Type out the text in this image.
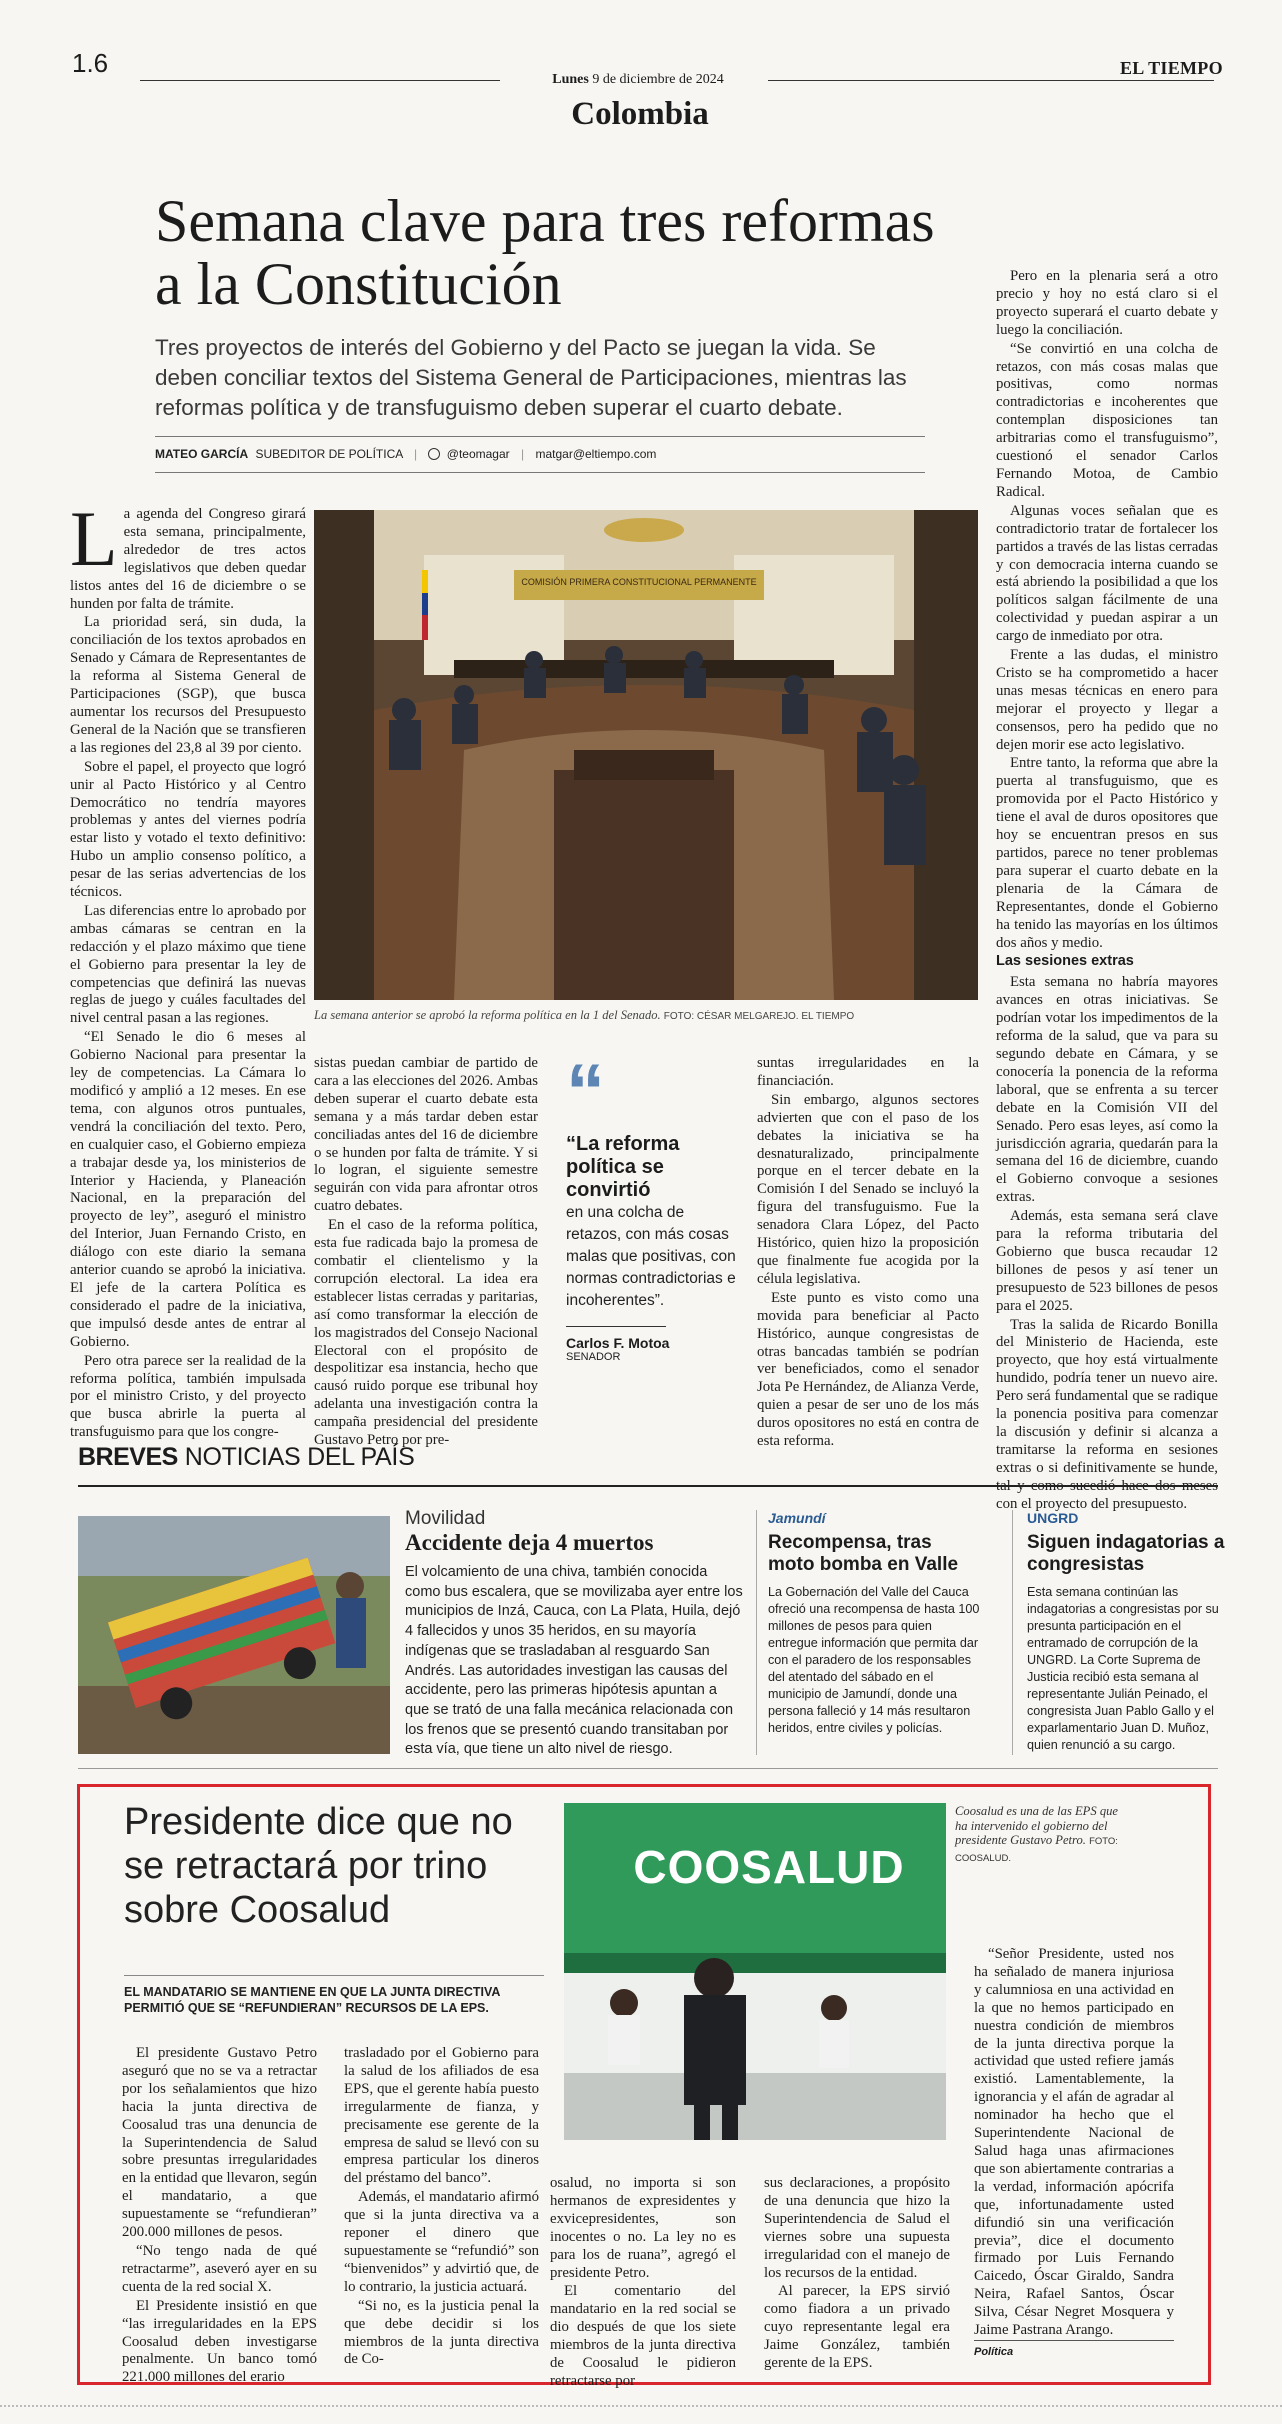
1.6
Lunes 9 de diciembre de 2024
EL TIEMPO
Colombia
Semana clave para tres reformas a la Constitución
Tres proyectos de interés del Gobierno y del Pacto se juegan la vida. Se deben conciliar textos del Sistema General de Participaciones, mientras las reformas política y de transfuguismo deben superar el cuarto debate.
MATEO GARCÍA SUBEDITOR DE POLÍTICA | @teomagar | matgar@eltiempo.com

La agenda del Congreso girará esta semana, principalmente, alrededor de tres actos legislativos que deben quedar listos antes del 16 de diciembre o se hunden por falta de trámite.

La prioridad será, sin duda, la conciliación de los textos aprobados en Senado y Cámara de Representantes de la reforma al Sistema General de Participaciones (SGP), que busca aumentar los recursos del Presupuesto General de la Nación que se transfieren a las regiones del 23,8 al 39 por ciento.

Sobre el papel, el proyecto que logró unir al Pacto Histórico y al Centro Democrático no tendría mayores problemas y antes del viernes podría estar listo y votado el texto definitivo: Hubo un amplio consenso político, a pesar de las serias advertencias de los técnicos.

Las diferencias entre lo aprobado por ambas cámaras se centran en la redacción y el plazo máximo que tiene el Gobierno para presentar la ley de competencias que definirá las nuevas reglas de juego y cuáles facultades del nivel central pasan a las regiones.

“El Senado le dio 6 meses al Gobierno Nacional para presentar la ley de competencias. La Cámara lo modificó y amplió a 12 meses. En ese tema, con algunos otros puntuales, vendrá la conciliación del texto. Pero, en cualquier caso, el Gobierno empieza a trabajar desde ya, los ministerios de Interior y Hacienda, y Planeación Nacional, en la preparación del proyecto de ley”, aseguró el ministro del Interior, Juan Fernando Cristo, en diálogo con este diario la semana anterior cuando se aprobó la iniciativa. El jefe de la cartera Política es considerado el padre de la iniciativa, que impulsó desde antes de entrar al Gobierno.

Pero otra parece ser la realidad de la reforma política, también impulsada por el ministro Cristo, y del proyecto que busca abrirle la puerta al transfuguismo para que los congre-

COMISIÓN PRIMERA CONSTITUCIONAL PERMANENTE
La semana anterior se aprobó la reforma política en la 1 del Senado. FOTO: CÉSAR MELGAREJO. EL TIEMPO

sistas puedan cambiar de partido de cara a las elecciones del 2026. Ambas deben superar el cuarto debate esta semana y a más tardar deben estar conciliadas antes del 16 de diciembre o se hunden por falta de trámite. Y si lo logran, el siguiente semestre seguirán con vida para afrontar otros cuatro debates.

En el caso de la reforma política, esta fue radicada bajo la promesa de combatir el clientelismo y la corrupción electoral. La idea era establecer listas cerradas y paritarias, así como transformar la elección de los magistrados del Consejo Nacional Electoral con el propósito de despolitizar esa instancia, hecho que causó ruido porque ese tribunal hoy adelanta una investigación contra la campaña presidencial del presidente Gustavo Petro por pre-

“
“La reforma política se convirtió
en una colcha de retazos, con más cosas malas que positivas, con normas contradictorias e incoherentes”.
Carlos F. Motoa
SENADOR

suntas irregularidades en la financiación.

Sin embargo, algunos sectores advierten que con el paso de los debates la iniciativa se ha desnaturalizado, principalmente porque en el tercer debate en la Comisión I del Senado se incluyó la figura del transfuguismo. Fue la senadora Clara López, del Pacto Histórico, quien hizo la proposición que finalmente fue acogida por la célula legislativa.

Este punto es visto como una movida para beneficiar al Pacto Histórico, aunque congresistas de otras bancadas también se podrían ver beneficiados, como el senador Jota Pe Hernández, de Alianza Verde, quien a pesar de ser uno de los más duros opositores no está en contra de esta reforma.

Pero en la plenaria será a otro precio y hoy no está claro si el proyecto superará el cuarto debate y luego la conciliación.

“Se convirtió en una colcha de retazos, con más cosas malas que positivas, como normas contradictorias e incoherentes que contemplan disposiciones tan arbitrarias como el transfuguismo”, cuestionó el senador Carlos Fernando Motoa, de Cambio Radical.

Algunas voces señalan que es contradictorio tratar de fortalecer los partidos a través de las listas cerradas y con democracia interna cuando se está abriendo la posibilidad a que los políticos salgan fácilmente de una colectividad y puedan aspirar a un cargo de inmediato por otra.

Frente a las dudas, el ministro Cristo se ha comprometido a hacer unas mesas técnicas en enero para mejorar el proyecto y llegar a consensos, pero ha pedido que no dejen morir ese acto legislativo.

Entre tanto, la reforma que abre la puerta al transfuguismo, que es promovida por el Pacto Histórico y tiene el aval de duros opositores que hoy se encuentran presos en sus partidos, parece no tener problemas para superar el cuarto debate en la plenaria de la Cámara de Representantes, donde el Gobierno ha tenido las mayorías en los últimos dos años y medio.

Las sesiones extras

Esta semana no habría mayores avances en otras iniciativas. Se podrían votar los impedimentos de la reforma de la salud, que va para su segundo debate en Cámara, y se conocería la ponencia de la reforma laboral, que se enfrenta a su tercer debate en la Comisión VII del Senado. Pero esas leyes, así como la jurisdicción agraria, quedarán para la semana del 16 de diciembre, cuando el Gobierno convoque a sesiones extras.

Además, esta semana será clave para la reforma tributaria del Gobierno que busca recaudar 12 billones de pesos y así tener un presupuesto de 523 billones de pesos para el 2025.

Tras la salida de Ricardo Bonilla del Ministerio de Hacienda, este proyecto, que hoy está virtualmente hundido, podría tener un nuevo aire. Pero será fundamental que se radique la ponencia positiva para comenzar la discusión y definir si alcanza a tramitarse la reforma en sesiones extras o si definitivamente se hunde, tal y como sucedió hace dos meses con el proyecto del presupuesto.

BREVES NOTICIAS DEL PAÍS
Movilidad
Accidente deja 4 muertos
El volcamiento de una chiva, también conocida como bus escalera, que se movilizaba ayer entre los municipios de Inzá, Cauca, con La Plata, Huila, dejó 4 fallecidos y unos 35 heridos, en su mayoría indígenas que se trasladaban al resguardo San Andrés. Las autoridades investigan las causas del accidente, pero las primeras hipótesis apuntan a que se trató de una falla mecánica relacionada con los frenos que se presentó cuando transitaban por esta vía, que tiene un alto nivel de riesgo.
Jamundí
Recompensa, tras moto bomba en Valle
La Gobernación del Valle del Cauca ofreció una recompensa de hasta 100 millones de pesos para quien entregue información que permita dar con el paradero de los responsables del atentado del sábado en el municipio de Jamundí, donde una persona falleció y 14 más resultaron heridos, entre civiles y policías.
UNGRD
Siguen indagatorias a congresistas
Esta semana continúan las indagatorias a congresistas por su presunta participación en el entramado de corrupción de la UNGRD. La Corte Suprema de Justicia recibió esta semana al representante Julián Peinado, el congresista Juan Pablo Gallo y el exparlamentario Juan D. Muñoz, quien renunció a su cargo.
Presidente dice que no se retractará por trino sobre Coosalud
EL MANDATARIO SE MANTIENE EN QUE LA JUNTA DIRECTIVA PERMITIÓ QUE SE “REFUNDIERAN” RECURSOS DE LA EPS.
COOSALUD
Coosalud es una de las EPS que ha intervenido el gobierno del presidente Gustavo Petro. FOTO: COOSALUD.

El presidente Gustavo Petro aseguró que no se va a retractar por los señalamientos que hizo hacia la junta directiva de Coosalud tras una denuncia de la Superintendencia de Salud sobre presuntas irregularidades en la entidad que llevaron, según el mandatario, a que supuestamente se “refundieran” 200.000 millones de pesos.

“No tengo nada de qué retractarme”, aseveró ayer en su cuenta de la red social X.

El Presidente insistió en que “las irregularidades en la EPS Coosalud deben investigarse penalmente. Un banco tomó 221.000 millones del erario

trasladado por el Gobierno para la salud de los afiliados de esa EPS, que el gerente había puesto irregularmente de fianza, y precisamente ese gerente de la empresa de salud se llevó con su empresa particular los dineros del préstamo del banco”.

Además, el mandatario afirmó que si la junta directiva va a reponer el dinero que supuestamente se “refundió” son “bienvenidos” y advirtió que, de lo contrario, la justicia actuará.

“Si no, es la justicia penal la que debe decidir si los miembros de la junta directiva de Co-

osalud, no importa si son hermanos de expresidentes y exvicepresidentes, son inocentes o no. La ley no es para los de ruana”, agregó el presidente Petro.

El comentario del mandatario en la red social se dio después de que los siete miembros de la junta directiva de Coosalud le pidieron retractarse por

sus declaraciones, a propósito de una denuncia que hizo la Superintendencia de Salud el viernes sobre una supuesta irregularidad con el manejo de los recursos de la entidad.

Al parecer, la EPS sirvió como fiadora a un privado cuyo representante legal era Jaime González, también gerente de la EPS.

“Señor Presidente, usted nos ha señalado de manera injuriosa y calumniosa en una actividad en la que no hemos participado en nuestra condición de miembros de la junta directiva porque la actividad que usted refiere jamás existió. Lamentablemente, la ignorancia y el afán de agradar al nominador ha hecho que el Superintendente Nacional de Salud haga unas afirmaciones que son abiertamente contrarias a la verdad, información apócrifa que, infortunadamente usted difundió sin una verificación previa”, dice el documento firmado por Luis Fernando Caicedo, Óscar Giraldo, Sandra Neira, Rafael Santos, Óscar Silva, César Negret Mosquera y Jaime Pastrana Arango.

Política
